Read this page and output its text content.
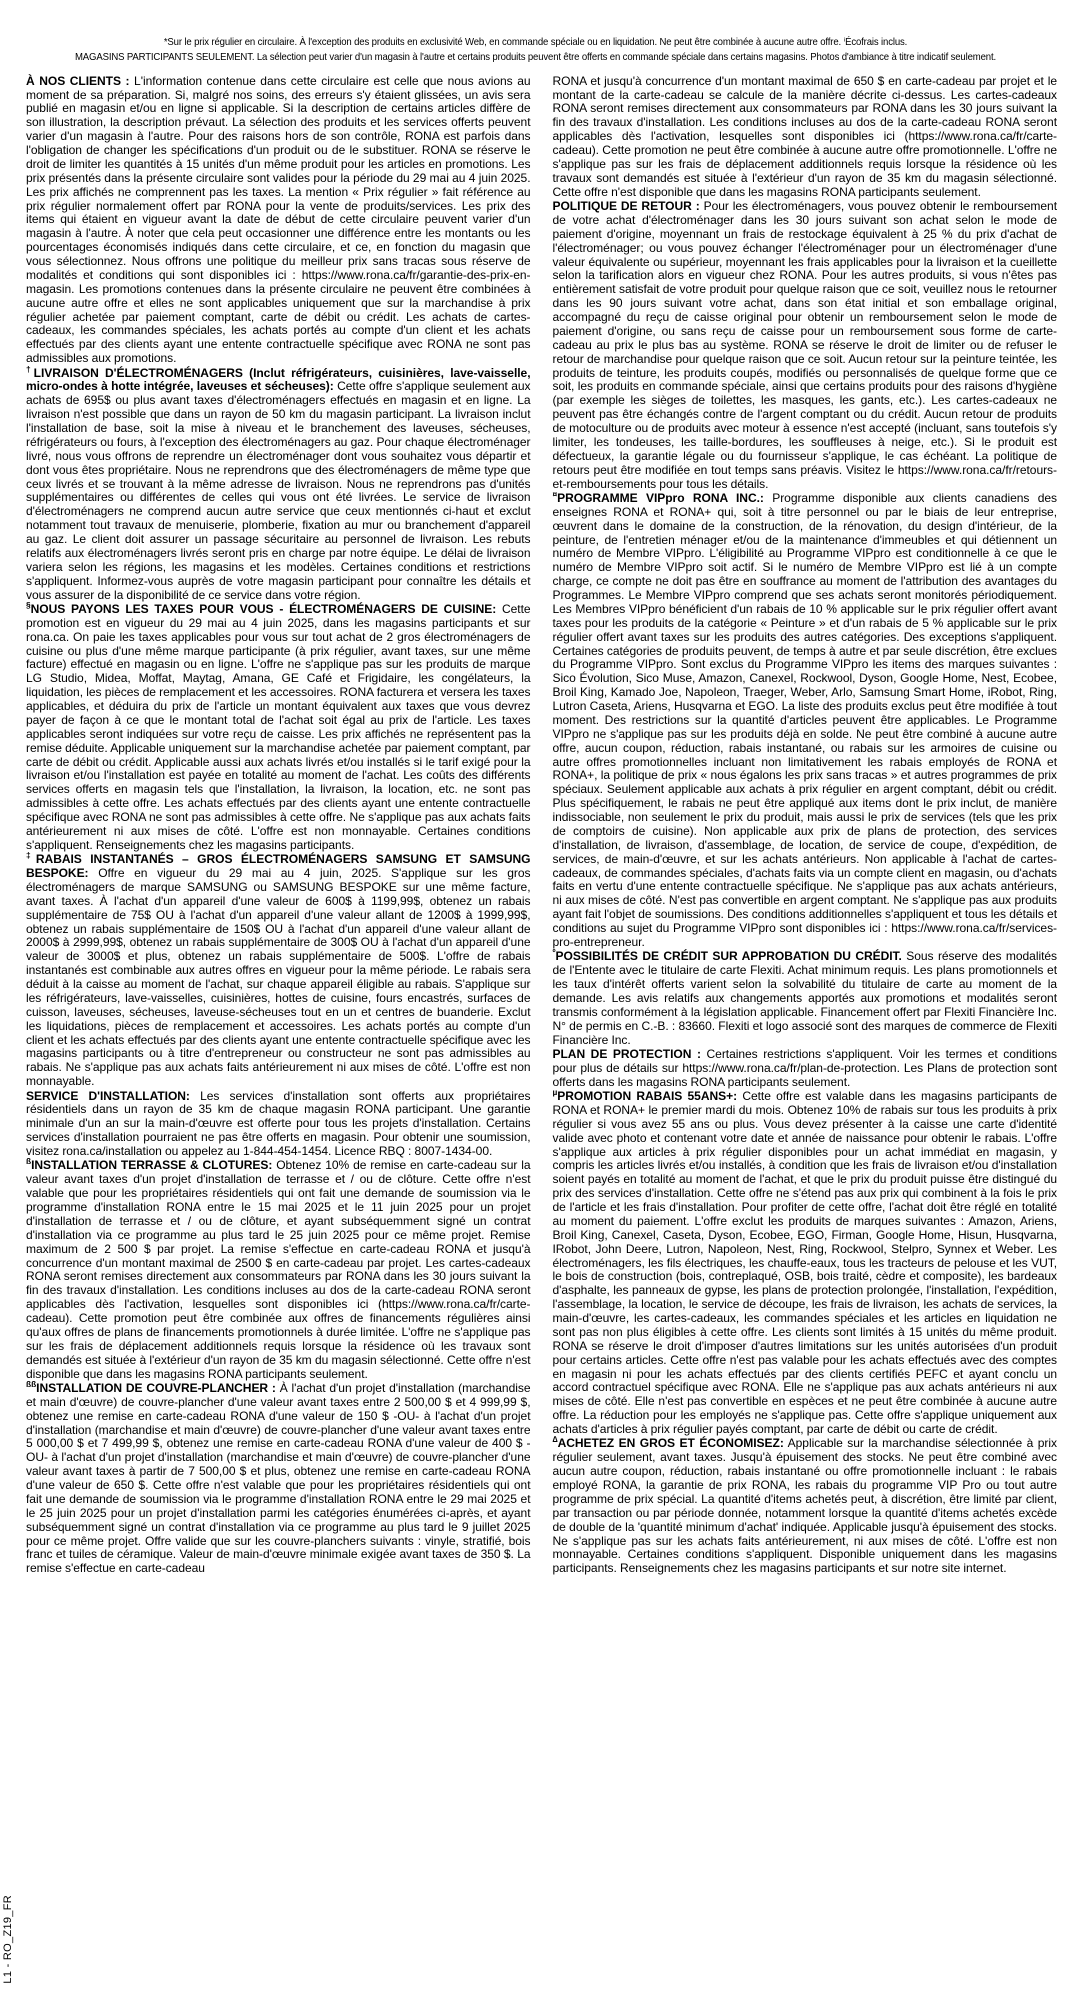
L1 - RO_Z19_FR

*Sur le prix régulier en circulaire. À l'exception des produits en exclusivité Web, en commande spéciale ou en liquidation. Ne peut être combinée à aucune autre offre. ⁱÉcofrais inclus.

MAGASINS PARTICIPANTS SEULEMENT. La sélection peut varier d'un magasin à l'autre et certains produits peuvent être offerts en commande spéciale dans certains magasins. Photos d'ambiance à titre indicatif seulement.

À NOS CLIENTS : L'information contenue dans cette circulaire est celle que nous avions au moment de sa préparation. Si, malgré nos soins, des erreurs s'y étaient glissées, un avis sera publié en magasin et/ou en ligne si applicable. Si la description de certains articles diffère de son illustration, la description prévaut. La sélection des produits et les services offerts peuvent varier d'un magasin à l'autre. Pour des raisons hors de son contrôle, RONA est parfois dans l'obligation de changer les spécifications d'un produit ou de le substituer. RONA se réserve le droit de limiter les quantités à 15 unités d'un même produit pour les articles en promotions. Les prix présentés dans la présente circulaire sont valides pour la période du 29 mai au 4 juin 2025. Les prix affichés ne comprennent pas les taxes. La mention « Prix régulier » fait référence au prix régulier normalement offert par RONA pour la vente de produits/services. Les prix des items qui étaient en vigueur avant la date de début de cette circulaire peuvent varier d'un magasin à l'autre. À noter que cela peut occasionner une différence entre les montants ou les pourcentages économisés indiqués dans cette circulaire, et ce, en fonction du magasin que vous sélectionnez. Nous offrons une politique du meilleur prix sans tracas sous réserve de modalités et conditions qui sont disponibles ici : https://www.rona.ca/fr/garantie-des-prix-en-magasin. Les promotions contenues dans la présente circulaire ne peuvent être combinées à aucune autre offre et elles ne sont applicables uniquement que sur la marchandise à prix régulier achetée par paiement comptant, carte de débit ou crédit. Les achats de cartes-cadeaux, les commandes spéciales, les achats portés au compte d'un client et les achats effectués par des clients ayant une entente contractuelle spécifique avec RONA ne sont pas admissibles aux promotions.

†LIVRAISON D'ÉLECTROMÉNAGERS (Inclut réfrigérateurs, cuisinières, lave-vaisselle, micro-ondes à hotte intégrée, laveuses et sécheuses): Cette offre s'applique seulement aux achats de 695$ ou plus avant taxes d'électroménagers effectués en magasin et en ligne. La livraison n'est possible que dans un rayon de 50 km du magasin participant. La livraison inclut l'installation de base, soit la mise à niveau et le branchement des laveuses, sécheuses, réfrigérateurs ou fours, à l'exception des électroménagers au gaz. Pour chaque électroménager livré, nous vous offrons de reprendre un électroménager dont vous souhaitez vous départir et dont vous êtes propriétaire. Nous ne reprendrons que des électroménagers de même type que ceux livrés et se trouvant à la même adresse de livraison. Nous ne reprendrons pas d'unités supplémentaires ou différentes de celles qui vous ont été livrées. Le service de livraison d'électroménagers ne comprend aucun autre service que ceux mentionnés ci-haut et exclut notamment tout travaux de menuiserie, plomberie, fixation au mur ou branchement d'appareil au gaz. Le client doit assurer un passage sécuritaire au personnel de livraison. Les rebuts relatifs aux électroménagers livrés seront pris en charge par notre équipe. Le délai de livraison variera selon les régions, les magasins et les modèles. Certaines conditions et restrictions s'appliquent. Informez-vous auprès de votre magasin participant pour connaître les détails et vous assurer de la disponibilité de ce service dans votre région.

§NOUS PAYONS LES TAXES POUR VOUS - ÉLECTROMÉNAGERS DE CUISINE: Cette promotion est en vigueur du 29 mai au 4 juin 2025, dans les magasins participants et sur rona.ca. On paie les taxes applicables pour vous sur tout achat de 2 gros électroménagers de cuisine ou plus d'une même marque participante (à prix régulier, avant taxes, sur une même facture) effectué en magasin ou en ligne. L'offre ne s'applique pas sur les produits de marque LG Studio, Midea, Moffat, Maytag, Amana, GE Café et Frigidaire, les congélateurs, la liquidation, les pièces de remplacement et les accessoires. RONA facturera et versera les taxes applicables, et déduira du prix de l'article un montant équivalent aux taxes que vous devrez payer de façon à ce que le montant total de l'achat soit égal au prix de l'article. Les taxes applicables seront indiquées sur votre reçu de caisse. Les prix affichés ne représentent pas la remise déduite. Applicable uniquement sur la marchandise achetée par paiement comptant, par carte de débit ou crédit. Applicable aussi aux achats livrés et/ou installés si le tarif exigé pour la livraison et/ou l'installation est payée en totalité au moment de l'achat. Les coûts des différents services offerts en magasin tels que l'installation, la livraison, la location, etc. ne sont pas admissibles à cette offre. Les achats effectués par des clients ayant une entente contractuelle spécifique avec RONA ne sont pas admissibles à cette offre. Ne s'applique pas aux achats faits antérieurement ni aux mises de côté. L'offre est non monnayable. Certaines conditions s'appliquent. Renseignements chez les magasins participants.

‡RABAIS INSTANTANÉS – GROS ÉLECTROMÉNAGERS SAMSUNG ET SAMSUNG BESPOKE: Offre en vigueur du 29 mai au 4 juin, 2025. S'applique sur les gros électroménagers de marque SAMSUNG ou SAMSUNG BESPOKE sur une même facture, avant taxes. À l'achat d'un appareil d'une valeur de 600$ à 1199,99$, obtenez un rabais supplémentaire de 75$ OU à l'achat d'un appareil d'une valeur allant de 1200$ à 1999,99$, obtenez un rabais supplémentaire de 150$ OU à l'achat d'un appareil d'une valeur allant de 2000$ à 2999,99$, obtenez un rabais supplémentaire de 300$ OU à l'achat d'un appareil d'une valeur de 3000$ et plus, obtenez un rabais supplémentaire de 500$. L'offre de rabais instantanés est combinable aux autres offres en vigueur pour la même période. Le rabais sera déduit à la caisse au moment de l'achat, sur chaque appareil éligible au rabais. S'applique sur les réfrigérateurs, lave-vaisselles, cuisinières, hottes de cuisine, fours encastrés, surfaces de cuisson, laveuses, sécheuses, laveuse-sécheuses tout en un et centres de buanderie. Exclut les liquidations, pièces de remplacement et accessoires. Les achats portés au compte d'un client et les achats effectués par des clients ayant une entente contractuelle spécifique avec les magasins participants ou à titre d'entrepreneur ou constructeur ne sont pas admissibles au rabais. Ne s'applique pas aux achats faits antérieurement ni aux mises de côté. L'offre est non monnayable.

SERVICE D'INSTALLATION: Les services d'installation sont offerts aux propriétaires résidentiels dans un rayon de 35 km de chaque magasin RONA participant. Une garantie minimale d'un an sur la main-d'œuvre est offerte pour tous les projets d'installation. Certains services d'installation pourraient ne pas être offerts en magasin. Pour obtenir une soumission, visitez rona.ca/installation ou appelez au 1-844-454-1454. Licence RBQ : 8007-1434-00.

$^ß$INSTALLATION TERRASSE & CLOTURES: Obtenez 10% de remise en carte-cadeau sur la valeur avant taxes d'un projet d'installation de terrasse et / ou de clôture. Cette offre n'est valable que pour les propriétaires résidentiels qui ont fait une demande de soumission via le programme d'installation RONA entre le 15 mai 2025 et le 11 juin 2025 pour un projet d'installation de terrasse et / ou de clôture, et ayant subséquemment signé un contrat d'installation via ce programme au plus tard le 25 juin 2025 pour ce même projet. Remise maximum de 2 500 $ par projet. La remise s'effectue en carte-cadeau RONA et jusqu'à concurrence d'un montant maximal de 2500 $ en carte-cadeau par projet. Les cartes-cadeaux RONA seront remises directement aux consommateurs par RONA dans les 30 jours suivant la fin des travaux d'installation. Les conditions incluses au dos de la carte-cadeau RONA seront applicables dès l'activation, lesquelles sont disponibles ici (https://www.rona.ca/fr/carte-cadeau). Cette promotion peut être combinée aux offres de financements régulières ainsi qu'aux offres de plans de financements promotionnels à durée limitée. L'offre ne s'applique pas sur les frais de déplacement additionnels requis lorsque la résidence où les travaux sont demandés est située à l'extérieur d'un rayon de 35 km du magasin sélectionné. Cette offre n'est disponible que dans les magasins RONA participants seulement.

$^{ßß}$INSTALLATION DE COUVRE-PLANCHER : À l'achat d'un projet d'installation (marchandise et main d'œuvre) de couvre-plancher d'une valeur avant taxes entre 2 500,00 $ et 4 999,99 $, obtenez une remise en carte-cadeau RONA d'une valeur de 150 $ -OU- à l'achat d'un projet d'installation (marchandise et main d'œuvre) de couvre-plancher d'une valeur avant taxes entre 5 000,00 $ et 7 499,99 $, obtenez une remise en carte-cadeau RONA d'une valeur de 400 $ -OU- à l'achat d'un projet d'installation (marchandise et main d'œuvre) de couvre-plancher d'une valeur avant taxes à partir de 7 500,00 $ et plus, obtenez une remise en carte-cadeau RONA d'une valeur de 650 $. Cette offre n'est valable que pour les propriétaires résidentiels qui ont fait une demande de soumission via le programme d'installation RONA entre le 29 mai 2025 et le 25 juin 2025 pour un projet d'installation parmi les catégories énumérées ci-après, et ayant subséquemment signé un contrat d'installation via ce programme au plus tard le 9 juillet 2025 pour ce même projet. Offre valide que sur les couvre-planchers suivants : vinyle, stratifié, bois franc et tuiles de céramique. Valeur de main-d'œuvre minimale exigée avant taxes de 350 $. La remise s'effectue en carte-cadeau

RONA et jusqu'à concurrence d'un montant maximal de 650 $ en carte-cadeau par projet et le montant de la carte-cadeau se calcule de la manière décrite ci-dessus. Les cartes-cadeaux RONA seront remises directement aux consommateurs par RONA dans les 30 jours suivant la fin des travaux d'installation. Les conditions incluses au dos de la carte-cadeau RONA seront applicables dès l'activation, lesquelles sont disponibles ici (https://www.rona.ca/fr/carte-cadeau). Cette promotion ne peut être combinée à aucune autre offre promotionnelle. L'offre ne s'applique pas sur les frais de déplacement additionnels requis lorsque la résidence où les travaux sont demandés est située à l'extérieur d'un rayon de 35 km du magasin sélectionné. Cette offre n'est disponible que dans les magasins RONA participants seulement.

POLITIQUE DE RETOUR : Pour les électroménagers, vous pouvez obtenir le remboursement de votre achat d'électroménager dans les 30 jours suivant son achat selon le mode de paiement d'origine, moyennant un frais de restockage équivalent à 25 % du prix d'achat de l'électroménager; ou vous pouvez échanger l'électroménager pour un électroménager d'une valeur équivalente ou supérieur, moyennant les frais applicables pour la livraison et la cueillette selon la tarification alors en vigueur chez RONA. Pour les autres produits, si vous n'êtes pas entièrement satisfait de votre produit pour quelque raison que ce soit, veuillez nous le retourner dans les 90 jours suivant votre achat, dans son état initial et son emballage original, accompagné du reçu de caisse original pour obtenir un remboursement selon le mode de paiement d'origine, ou sans reçu de caisse pour un remboursement sous forme de carte-cadeau au prix le plus bas au système. RONA se réserve le droit de limiter ou de refuser le retour de marchandise pour quelque raison que ce soit. Aucun retour sur la peinture teintée, les produits de teinture, les produits coupés, modifiés ou personnalisés de quelque forme que ce soit, les produits en commande spéciale, ainsi que certains produits pour des raisons d'hygiène (par exemple les sièges de toilettes, les masques, les gants, etc.). Les cartes-cadeaux ne peuvent pas être échangés contre de l'argent comptant ou du crédit. Aucun retour de produits de motoculture ou de produits avec moteur à essence n'est accepté (incluant, sans toutefois s'y limiter, les tondeuses, les taille-bordures, les souffleuses à neige, etc.). Si le produit est défectueux, la garantie légale ou du fournisseur s'applique, le cas échéant. La politique de retours peut être modifiée en tout temps sans préavis. Visitez le https://www.rona.ca/fr/retours-et-remboursements pour tous les détails.

¤PROGRAMME VIPpro RONA INC.: Programme disponible aux clients canadiens des enseignes RONA et RONA+ qui, soit à titre personnel ou par le biais de leur entreprise, œuvrent dans le domaine de la construction, de la rénovation, du design d'intérieur, de la peinture, de l'entretien ménager et/ou de la maintenance d'immeubles et qui détiennent un numéro de Membre VIPpro. L'éligibilité au Programme VIPpro est conditionnelle à ce que le numéro de Membre VIPpro soit actif. Si le numéro de Membre VIPpro est lié à un compte charge, ce compte ne doit pas être en souffrance au moment de l'attribution des avantages du Programmes. Le Membre VIPpro comprend que ses achats seront monitorés périodiquement. Les Membres VIPpro bénéficient d'un rabais de 10 % applicable sur le prix régulier offert avant taxes pour les produits de la catégorie « Peinture » et d'un rabais de 5 % applicable sur le prix régulier offert avant taxes sur les produits des autres catégories. Des exceptions s'appliquent. Certaines catégories de produits peuvent, de temps à autre et par seule discrétion, être exclues du Programme VIPpro. Sont exclus du Programme VIPpro les items des marques suivantes : Sico Évolution, Sico Muse, Amazon, Canexel, Rockwool, Dyson, Google Home, Nest, Ecobee, Broil King, Kamado Joe, Napoleon, Traeger, Weber, Arlo, Samsung Smart Home, iRobot, Ring, Lutron Caseta, Ariens, Husqvarna et EGO. La liste des produits exclus peut être modifiée à tout moment. Des restrictions sur la quantité d'articles peuvent être applicables. Le Programme VIPpro ne s'applique pas sur les produits déjà en solde. Ne peut être combiné à aucune autre offre, aucun coupon, réduction, rabais instantané, ou rabais sur les armoires de cuisine ou autre offres promotionnelles incluant non limitativement les rabais employés de RONA et RONA+, la politique de prix « nous égalons les prix sans tracas » et autres programmes de prix spéciaux. Seulement applicable aux achats à prix régulier en argent comptant, débit ou crédit. Plus spécifiquement, le rabais ne peut être appliqué aux items dont le prix inclut, de manière indissociable, non seulement le prix du produit, mais aussi le prix de services (tels que les prix de comptoirs de cuisine). Non applicable aux prix de plans de protection, des services d'installation, de livraison, d'assemblage, de location, de service de coupe, d'expédition, de services, de main-d'œuvre, et sur les achats antérieurs. Non applicable à l'achat de cartes-cadeaux, de commandes spéciales, d'achats faits via un compte client en magasin, ou d'achats faits en vertu d'une entente contractuelle spécifique. Ne s'applique pas aux achats antérieurs, ni aux mises de côté. N'est pas convertible en argent comptant. Ne s'applique pas aux produits ayant fait l'objet de soumissions. Des conditions additionnelles s'appliquent et tous les détails et conditions au sujet du Programme VIPpro sont disponibles ici : https://www.rona.ca/fr/services-pro-entrepreneur.

$^º$POSSIBILITÉS DE CRÉDIT SUR APPROBATION DU CRÉDIT. Sous réserve des modalités de l'Entente avec le titulaire de carte Flexiti. Achat minimum requis. Les plans promotionnels et les taux d'intérêt offerts varient selon la solvabilité du titulaire de carte au moment de la demande. Les avis relatifs aux changements apportés aux promotions et modalités seront transmis conformément à la législation applicable. Financement offert par Flexiti Financière Inc. N° de permis en C.-B. : 83660. Flexiti et logo associé sont des marques de commerce de Flexiti Financière Inc.

PLAN DE PROTECTION : Certaines restrictions s'appliquent. Voir les termes et conditions pour plus de détails sur https://www.rona.ca/fr/plan-de-protection. Les Plans de protection sont offerts dans les magasins RONA participants seulement.

$^\mu$PROMOTION RABAIS 55ANS+: Cette offre est valable dans les magasins participants de RONA et RONA+ le premier mardi du mois. Obtenez 10% de rabais sur tous les produits à prix régulier si vous avez 55 ans ou plus. Vous devez présenter à la caisse une carte d'identité valide avec photo et contenant votre date et année de naissance pour obtenir le rabais. L'offre s'applique aux articles à prix régulier disponibles pour un achat immédiat en magasin, y compris les articles livrés et/ou installés, à condition que les frais de livraison et/ou d'installation soient payés en totalité au moment de l'achat, et que le prix du produit puisse être distingué du prix des services d'installation. Cette offre ne s'étend pas aux prix qui combinent à la fois le prix de l'article et les frais d'installation. Pour profiter de cette offre, l'achat doit être réglé en totalité au moment du paiement. L'offre exclut les produits de marques suivantes : Amazon, Ariens, Broil King, Canexel, Caseta, Dyson, Ecobee, EGO, Firman, Google Home, Hisun, Husqvarna, IRobot, John Deere, Lutron, Napoleon, Nest, Ring, Rockwool, Stelpro, Synnex et Weber. Les électroménagers, les fils électriques, les chauffe-eaux, tous les tracteurs de pelouse et les VUT, le bois de construction (bois, contreplaqué, OSB, bois traité, cèdre et composite), les bardeaux d'asphalte, les panneaux de gypse, les plans de protection prolongée, l'installation, l'expédition, l'assemblage, la location, le service de découpe, les frais de livraison, les achats de services, la main-d'œuvre, les cartes-cadeaux, les commandes spéciales et les articles en liquidation ne sont pas non plus éligibles à cette offre. Les clients sont limités à 15 unités du même produit. RONA se réserve le droit d'imposer d'autres limitations sur les unités autorisées d'un produit pour certains articles. Cette offre n'est pas valable pour les achats effectués avec des comptes en magasin ni pour les achats effectués par des clients certifiés PEFC et ayant conclu un accord contractuel spécifique avec RONA. Elle ne s'applique pas aux achats antérieurs ni aux mises de côté. Elle n'est pas convertible en espèces et ne peut être combinée à aucune autre offre. La réduction pour les employés ne s'applique pas. Cette offre s'applique uniquement aux achats d'articles à prix régulier payés comptant, par carte de débit ou carte de crédit.

∆ACHETEZ EN GROS ET ÉCONOMISEZ: Applicable sur la marchandise sélectionnée à prix régulier seulement, avant taxes. Jusqu'à épuisement des stocks. Ne peut être combiné avec aucun autre coupon, réduction, rabais instantané ou offre promotionnelle incluant : le rabais employé RONA, la garantie de prix RONA, les rabais du programme VIP Pro ou tout autre programme de prix spécial. La quantité d'items achetés peut, à discrétion, être limité par client, par transaction ou par période donnée, notamment lorsque la quantité d'items achetés excède de double de la 'quantité minimum d'achat' indiquée. Applicable jusqu'à épuisement des stocks. Ne s'applique pas sur les achats faits antérieurement, ni aux mises de côté. L'offre est non monnayable. Certaines conditions s'appliquent. Disponible uniquement dans les magasins participants. Renseignements chez les magasins participants et sur notre site internet.
